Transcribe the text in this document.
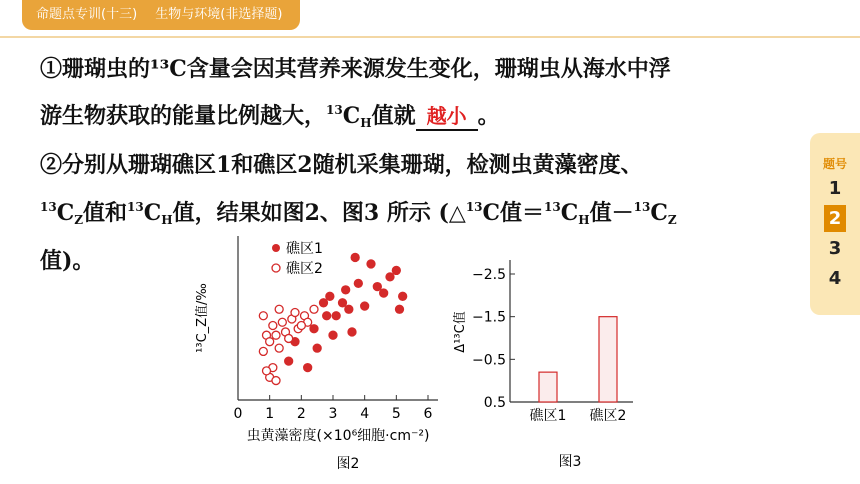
命题点专训(十三) 生物与环境(非选择题)
①珊瑚虫的¹³C含量会因其营养来源发生变化，珊瑚虫从海水中浮
游生物获取的能量比例越大，$^{13}C_H$值就 越小 。
②分别从珊瑚礁区1和礁区2随机采集珊瑚，检测虫黄藻密度、
$^{13}C_Z$值和$^{13}C_H$值，结果如图2、图3 所示 (△$^{13}$C值$=^{13}C_H$值$-^{13}C_Z$
值)。
题号
1
2
3
4
0 1 2 3 4 5 6
¹³C_Z值/‰
虫黄藻密度(×10⁶细胞·cm⁻²)
礁区1
礁区2
图2
−2.5
−1.5
−0.5
0.5
礁区1 礁区2
Δ¹³C值
图3
